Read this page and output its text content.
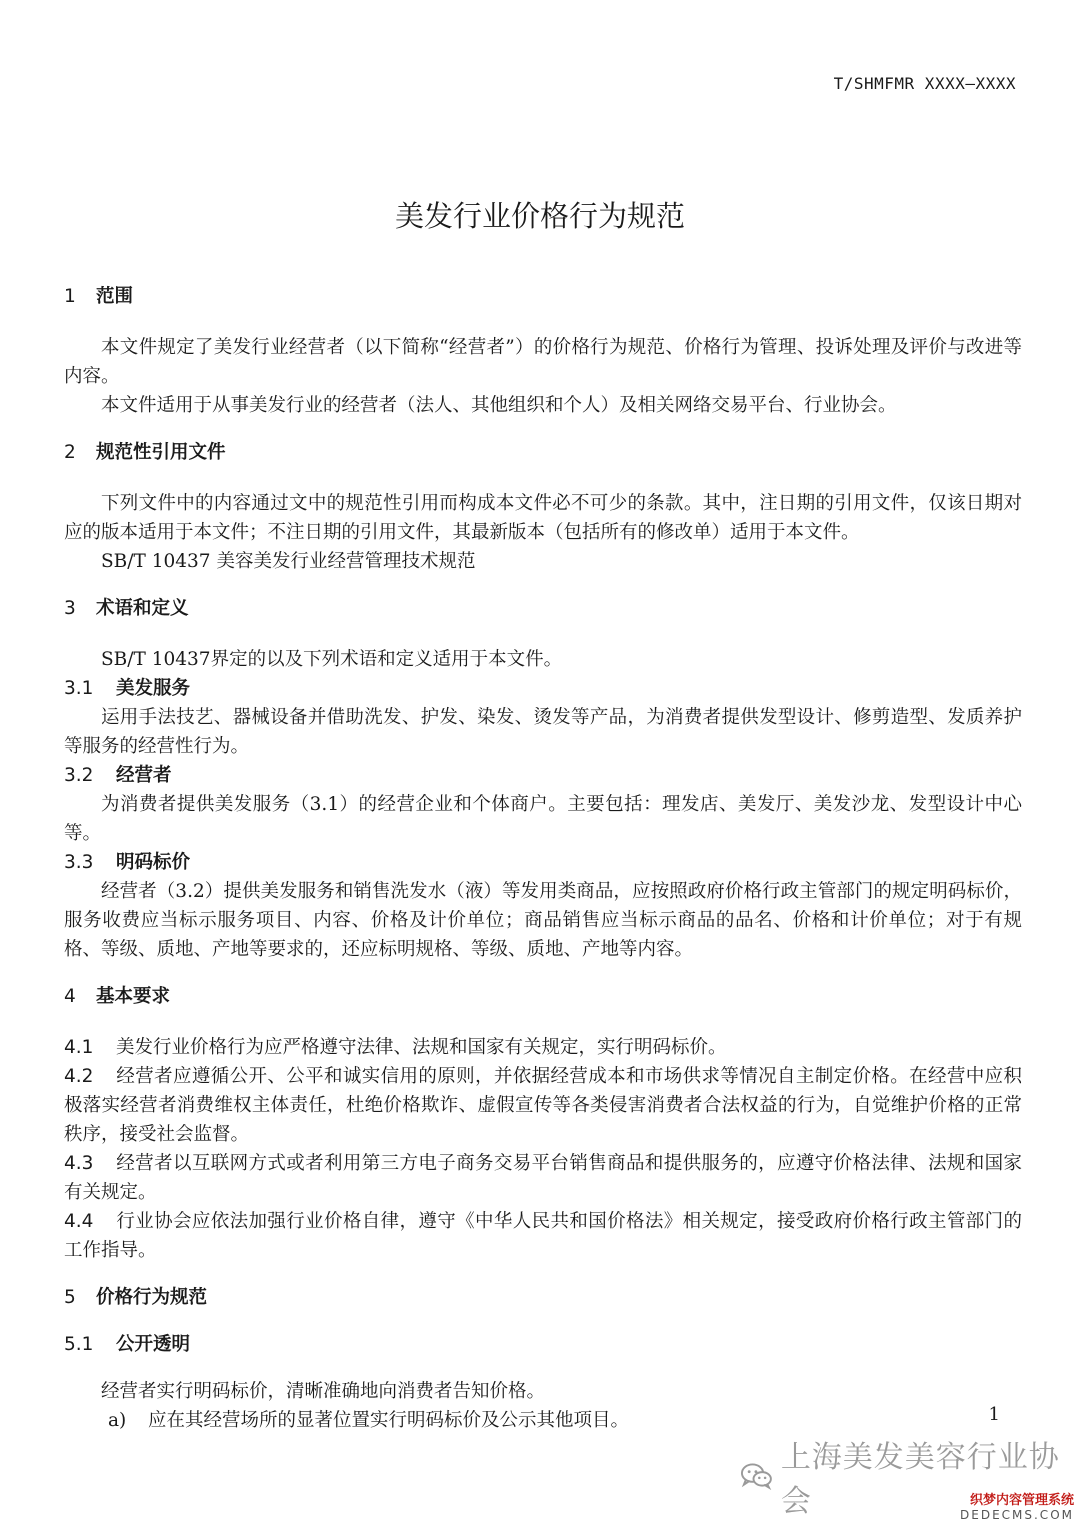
T/SHMFMR XXXX—XXXX
美发行业价格行为规范
1 范围

本文件规定了美发行业经营者（以下简称“经营者”）的价格行为规范、价格行为管理、投诉处理及评价与改进等内容。

本文件适用于从事美发行业的经营者（法人、其他组织和个人）及相关网络交易平台、行业协会。

2 规范性引用文件

下列文件中的内容通过文中的规范性引用而构成本文件必不可少的条款。其中，注日期的引用文件，仅该日期对应的版本适用于本文件；不注日期的引用文件，其最新版本（包括所有的修改单）适用于本文件。

SB/T 10437 美容美发行业经营管理技术规范

3 术语和定义

SB/T 10437界定的以及下列术语和定义适用于本文件。

3.1 美发服务

运用手法技艺、器械设备并借助洗发、护发、染发、烫发等产品，为消费者提供发型设计、修剪造型、发质养护等服务的经营性行为。

3.2 经营者

为消费者提供美发服务（3.1）的经营企业和个体商户。主要包括：理发店、美发厅、美发沙龙、发型设计中心等。

3.3 明码标价

经营者（3.2）提供美发服务和销售洗发水（液）等发用类商品，应按照政府价格行政主管部门的规定明码标价，服务收费应当标示服务项目、内容、价格及计价单位；商品销售应当标示商品的品名、价格和计价单位；对于有规格、等级、质地、产地等要求的，还应标明规格、等级、质地、产地等内容。

4 基本要求

4.1 美发行业价格行为应严格遵守法律、法规和国家有关规定，实行明码标价。

4.2 经营者应遵循公开、公平和诚实信用的原则，并依据经营成本和市场供求等情况自主制定价格。在经营中应积极落实经营者消费维权主体责任，杜绝价格欺诈、虚假宣传等各类侵害消费者合法权益的行为，自觉维护价格的正常秩序，接受社会监督。

4.3 经营者以互联网方式或者利用第三方电子商务交易平台销售商品和提供服务的，应遵守价格法律、法规和国家有关规定。

4.4 行业协会应依法加强行业价格自律，遵守《中华人民共和国价格法》相关规定，接受政府价格行政主管部门的工作指导。

5 价格行为规范
5.1 公开透明

经营者实行明码标价，清晰准确地向消费者告知价格。

a) 应在其经营场所的显著位置实行明码标价及公示其他项目。	1
上海美发美容行业协会	织梦内容管理系统
DEDECMS.COM
